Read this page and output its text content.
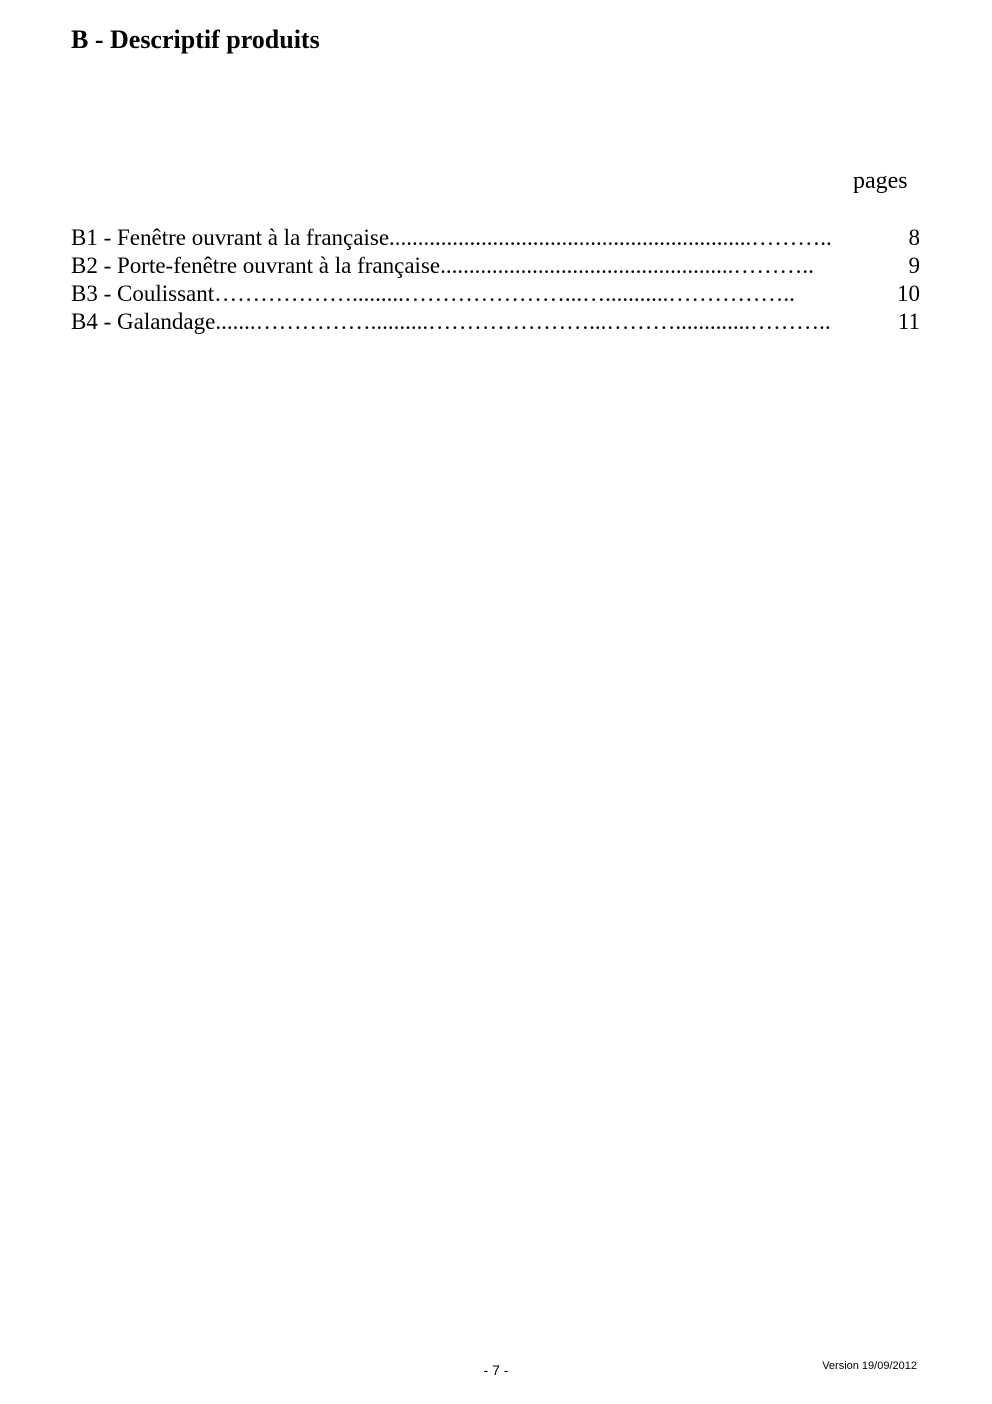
B - Descriptif produits
pages
B1 - Fenêtre ouvrant à la française ...............................................................………..	8
B2 - Porte-fenêtre ouvrant à la française ...................................................………..	9
B3 - Coulissant ……………….........…………………...…...........……………..	10
B4 - Galandage .......……………..........…………………...……….............………..	11
- 7 -	Version 19/09/2012
